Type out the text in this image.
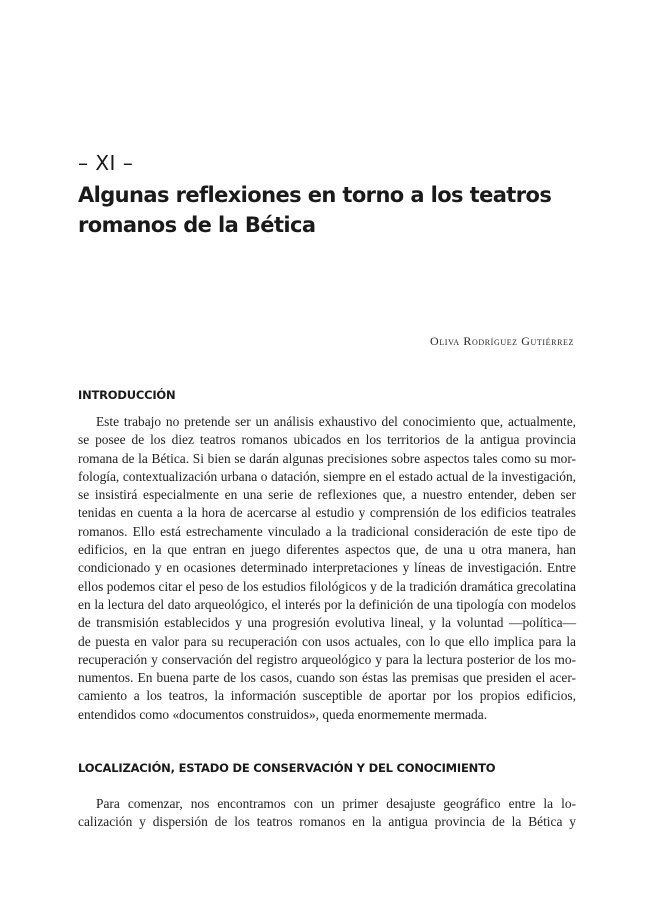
– XI –
Algunas reflexiones en torno a los teatros
romanos de la Bética
Oliva Rodríguez Gutiérrez
INTRODUCCIÓN
Este trabajo no pretende ser un análisis exhaustivo del conocimiento que, actualmente,
se posee de los diez teatros romanos ubicados en los territorios de la antigua provincia
romana de la Bética. Si bien se darán algunas precisiones sobre aspectos tales como su mor-
fología, contextualización urbana o datación, siempre en el estado actual de la investigación,
se insistirá especialmente en una serie de reflexiones que, a nuestro entender, deben ser
tenidas en cuenta a la hora de acercarse al estudio y comprensión de los edificios teatrales
romanos. Ello está estrechamente vinculado a la tradicional consideración de este tipo de
edificios, en la que entran en juego diferentes aspectos que, de una u otra manera, han
condicionado y en ocasiones determinado interpretaciones y líneas de investigación. Entre
ellos podemos citar el peso de los estudios filológicos y de la tradición dramática grecolatina
en la lectura del dato arqueológico, el interés por la definición de una tipología con modelos
de transmisión establecidos y una progresión evolutiva lineal, y la voluntad —política—
de puesta en valor para su recuperación con usos actuales, con lo que ello implica para la
recuperación y conservación del registro arqueológico y para la lectura posterior de los mo-
numentos. En buena parte de los casos, cuando son éstas las premisas que presiden el acer-
camiento a los teatros, la información susceptible de aportar por los propios edificios,
entendidos como «documentos construidos», queda enormemente mermada.
LOCALIZACIÓN, ESTADO DE CONSERVACIÓN Y DEL CONOCIMIENTO
Para comenzar, nos encontramos con un primer desajuste geográfico entre la lo-
calización y dispersión de los teatros romanos en la antigua provincia de la Bética y
